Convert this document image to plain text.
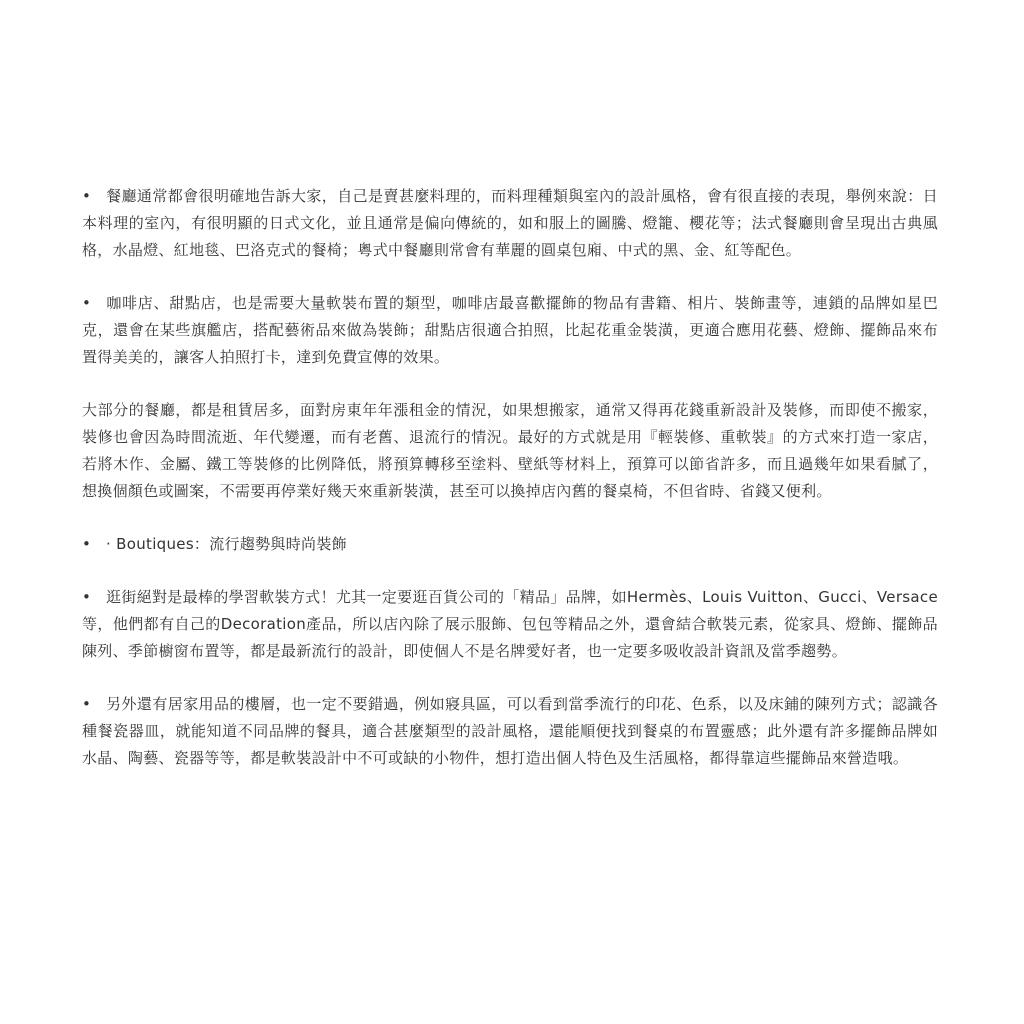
• 餐廳通常都會很明確地告訴大家，自己是賣甚麼料理的，而料理種類與室內的設計風格，會有很直接的表現，舉例來說：日本料理的室內，有很明顯的日式文化，並且通常是偏向傳統的，如和服上的圖騰、燈籠、櫻花等；法式餐廳則會呈現出古典風格，水晶燈、紅地毯、巴洛克式的餐椅；粵式中餐廳則常會有華麗的圓桌包廂、中式的黑、金、紅等配色。

• 咖啡店、甜點店，也是需要大量軟裝布置的類型，咖啡店最喜歡擺飾的物品有書籍、相片、裝飾畫等，連鎖的品牌如星巴克，還會在某些旗艦店，搭配藝術品來做為裝飾；甜點店很適合拍照，比起花重金裝潢，更適合應用花藝、燈飾、擺飾品來布置得美美的，讓客人拍照打卡，達到免費宣傳的效果。

大部分的餐廳，都是租賃居多，面對房東年年漲租金的情況，如果想搬家，通常又得再花錢重新設計及裝修，而即使不搬家，裝修也會因為時間流逝、年代變遷，而有老舊、退流行的情況。最好的方式就是用『輕裝修、重軟裝』的方式來打造一家店，若將木作、金屬、鐵工等裝修的比例降低，將預算轉移至塗料、壁紙等材料上，預算可以節省許多，而且過幾年如果看膩了，想換個顏色或圖案，不需要再停業好幾天來重新裝潢，甚至可以換掉店內舊的餐桌椅，不但省時、省錢又便利。

• · Boutiques：流行趨勢與時尚裝飾

• 逛街絕對是最棒的學習軟裝方式！尤其一定要逛百貨公司的「精品」品牌，如Hermès、Louis Vuitton、Gucci、Versace等，他們都有自己的Decoration產品，所以店內除了展示服飾、包包等精品之外，還會結合軟裝元素，從家具、燈飾、擺飾品陳列、季節櫥窗布置等，都是最新流行的設計，即使個人不是名牌愛好者，也一定要多吸收設計資訊及當季趨勢。

• 另外還有居家用品的樓層，也一定不要錯過，例如寢具區，可以看到當季流行的印花、色系，以及床鋪的陳列方式；認識各種餐瓷器皿，就能知道不同品牌的餐具，適合甚麼類型的設計風格，還能順便找到餐桌的布置靈感；此外還有許多擺飾品牌如水晶、陶藝、瓷器等等，都是軟裝設計中不可或缺的小物件，想打造出個人特色及生活風格，都得靠這些擺飾品來營造哦。
